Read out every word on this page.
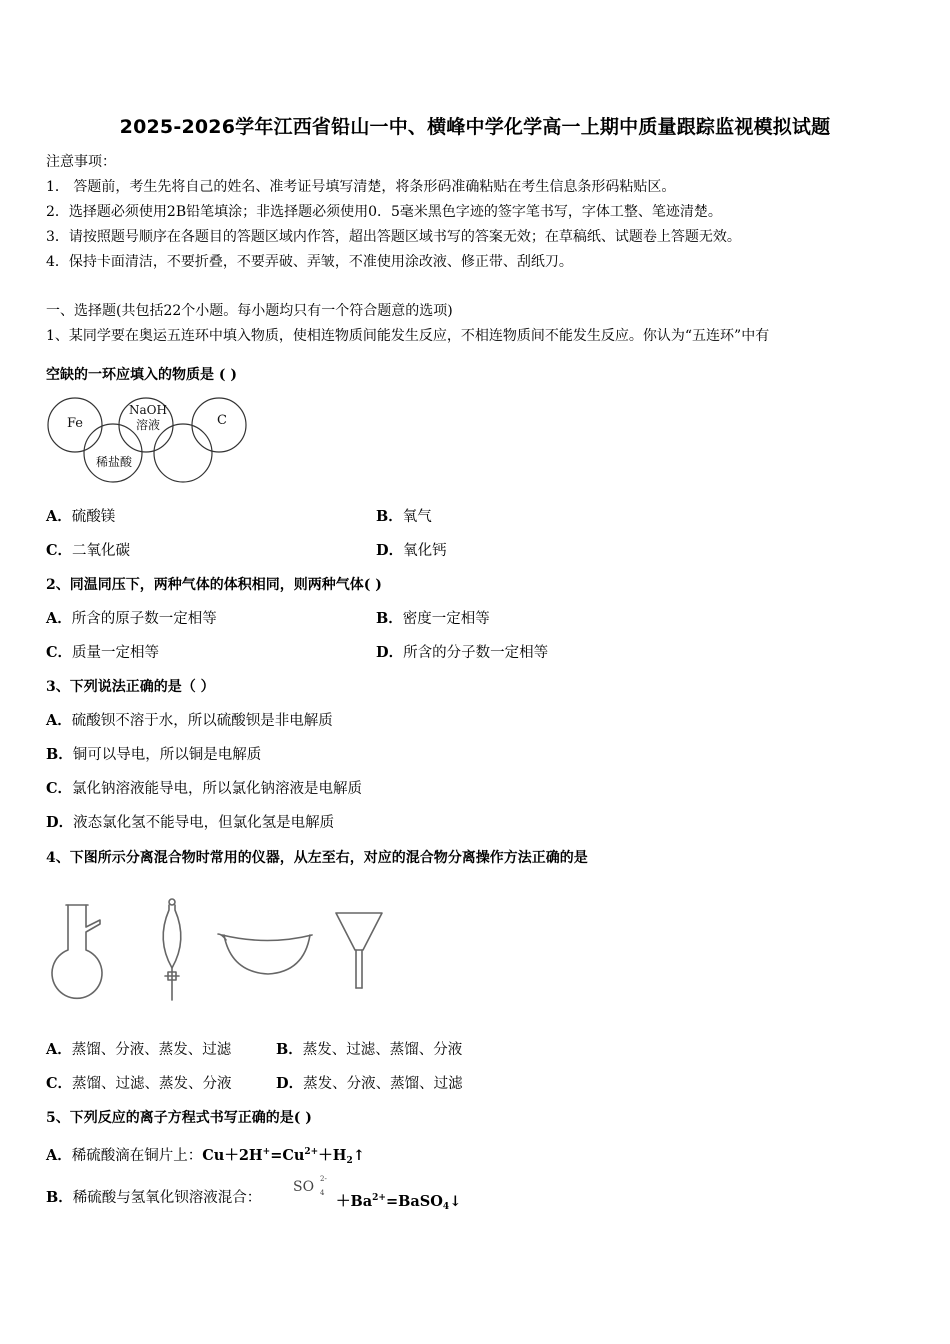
2025-2026学年江西省铅山一中、横峰中学化学高一上期中质量跟踪监视模拟试题
注意事项：
1． 答题前，考生先将自己的姓名、准考证号填写清楚，将条形码准确粘贴在考生信息条形码粘贴区。
2．选择题必须使用2B铅笔填涂；非选择题必须使用0．5毫米黑色字迹的签字笔书写，字体工整、笔迹清楚。
3．请按照题号顺序在各题目的答题区域内作答，超出答题区域书写的答案无效；在草稿纸、试题卷上答题无效。
4．保持卡面清洁，不要折叠，不要弄破、弄皱，不准使用涂改液、修正带、刮纸刀。
一、选择题(共包括22个小题。每小题均只有一个符合题意的选项)
1、某同学要在奥运五连环中填入物质，使相连物质间能发生反应，不相连物质间不能发生反应。你认为“五连环”中有
空缺的一环应填入的物质是 ( )
Fe
NaOH
溶液	C
稀盐酸
A．硫酸镁	B．氧气
C．二氧化碳	D．氧化钙
2、同温同压下，两种气体的体积相同，则两种气体( )
A．所含的原子数一定相等	B．密度一定相等
C．质量一定相等	D．所含的分子数一定相等
3、下列说法正确的是（ ）
A．硫酸钡不溶于水，所以硫酸钡是非电解质
B．铜可以导电，所以铜是电解质
C．氯化钠溶液能导电，所以氯化钠溶液是电解质
D．液态氯化氢不能导电，但氯化氢是电解质
4、下图所示分离混合物时常用的仪器，从左至右，对应的混合物分离操作方法正确的是
A．蒸馏、分液、蒸发、过滤	B．蒸发、过滤、蒸馏、分液
C．蒸馏、过滤、蒸发、分液	D．蒸发、分液、蒸馏、过滤
5、下列反应的离子方程式书写正确的是( )
A．稀硫酸滴在铜片上：$Cu+2H^+=Cu^{2+}+H_2↑$
B．稀硫酸与氢氧化钡溶液混合：
SO 2-
$4 +Ba^{2+}=BaSO_4↓$
